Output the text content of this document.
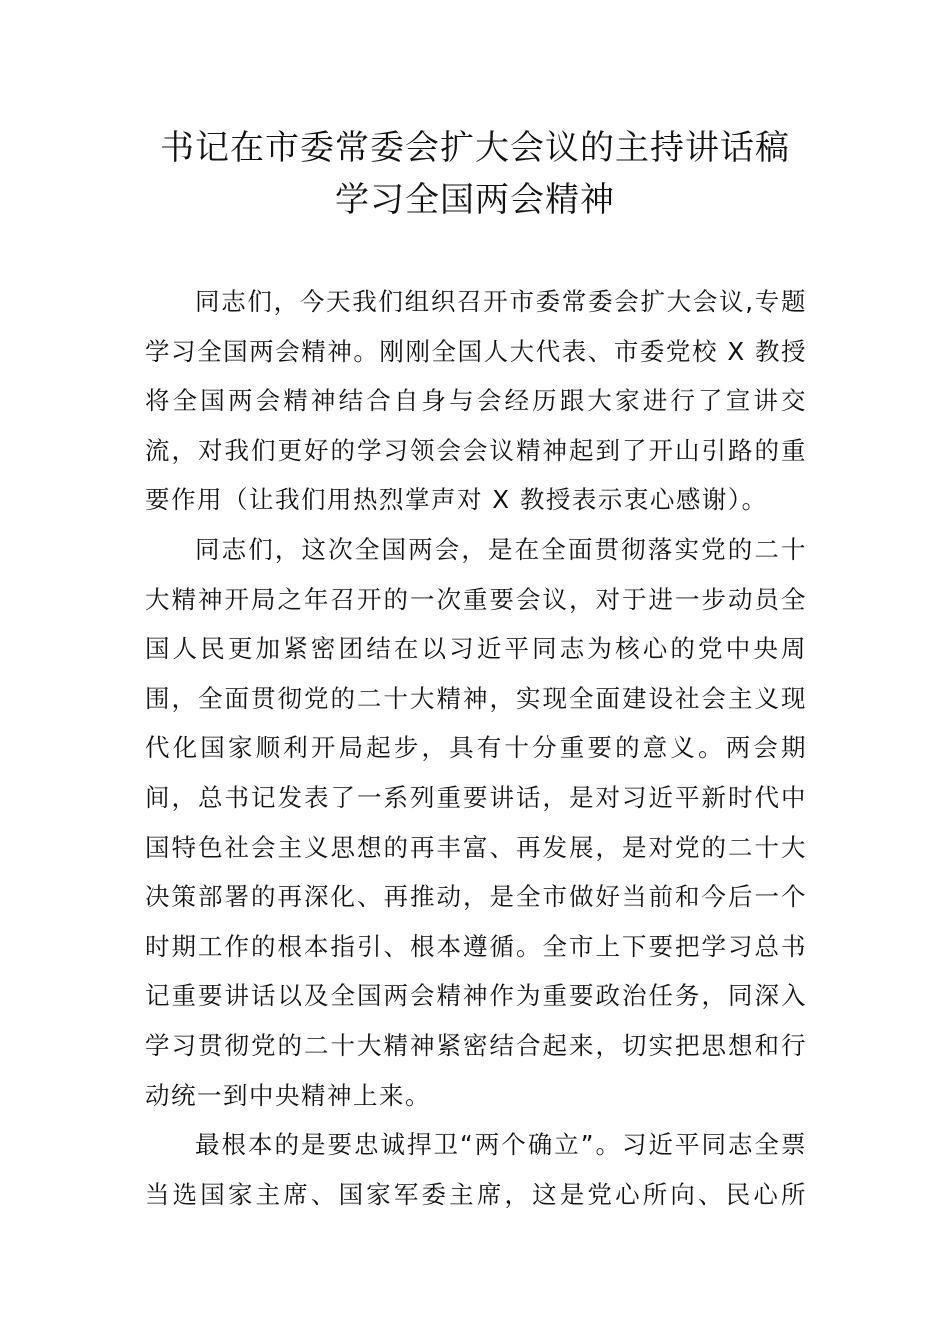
书记在市委常委会扩大会议的主持讲话稿
学习全国两会精神

同志们，今天我们组织召开市委常委会扩大会议,专题
学习全国两会精神。刚刚全国人大代表、市委党校 X 教授
将全国两会精神结合自身与会经历跟大家进行了宣讲交
流，对我们更好的学习领会会议精神起到了开山引路的重
要作用（让我们用热烈掌声对 X 教授表示衷心感谢）。

同志们，这次全国两会，是在全面贯彻落实党的二十
大精神开局之年召开的一次重要会议，对于进一步动员全
国人民更加紧密团结在以习近平同志为核心的党中央周
围，全面贯彻党的二十大精神，实现全面建设社会主义现
代化国家顺利开局起步，具有十分重要的意义。两会期
间，总书记发表了一系列重要讲话，是对习近平新时代中
国特色社会主义思想的再丰富、再发展，是对党的二十大
决策部署的再深化、再推动，是全市做好当前和今后一个
时期工作的根本指引、根本遵循。全市上下要把学习总书
记重要讲话以及全国两会精神作为重要政治任务，同深入
学习贯彻党的二十大精神紧密结合起来，切实把思想和行
动统一到中央精神上来。

最根本的是要忠诚捍卫“两个确立”。习近平同志全票
当选国家主席、国家军委主席，这是党心所向、民心所
